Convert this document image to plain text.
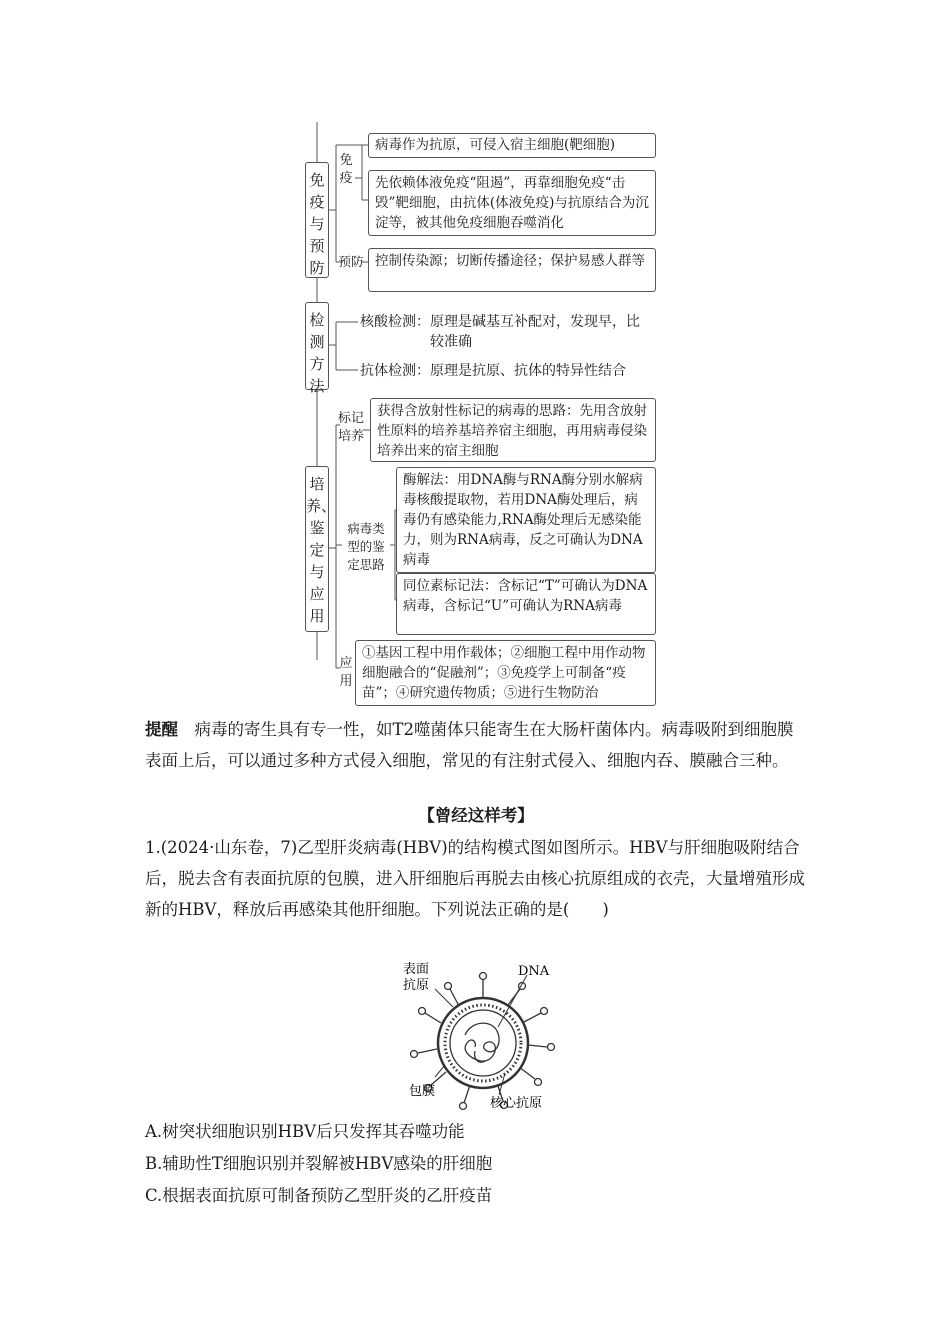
免疫与预防
免疫
病毒作为抗原，可侵入宿主细胞(靶细胞)
先依赖体液免疫“阻遏”，再靠细胞免疫“击毁”靶细胞，由抗体(体液免疫)与抗原结合为沉淀等，被其他免疫细胞吞噬消化
预防 控制传染源；切断传播途径；保护易感人群等
检测方法
核酸检测： 原理是碱基互补配对，发现早，比较准确
抗体检测： 原理是抗原、抗体的特异性结合
培养、鉴定与应用
标记培养
获得含放射性标记的病毒的思路：先用含放射性原料的培养基培养宿主细胞，再用病毒侵染培养出来的宿主细胞
病毒类型的鉴定思路
酶解法：用DNA酶与RNA酶分别水解病毒核酸提取物，若用DNA酶处理后，病毒仍有感染能力,RNA酶处理后无感染能力，则为RNA病毒，反之可确认为DNA病毒
同位素标记法：含标记“T”可确认为DNA病毒，含标记“U”可确认为RNA病毒
应用
①基因工程中用作载体；②细胞工程中用作动物细胞融合的“促融剂”；③免疫学上可制备“疫苗”；④研究遗传物质；⑤进行生物防治
提醒　 病毒的寄生具有专一性，如T2噬菌体只能寄生在大肠杆菌体内。病毒吸附到细胞膜表面上后，可以通过多种方式侵入细胞，常见的有注射式侵入、细胞内吞、膜融合三种。
【曾经这样考】
1.(2024·山东卷，7)乙型肝炎病毒(HBV)的结构模式图如图所示。HBV与肝细胞吸附结合后，脱去含有表面抗原的包膜，进入肝细胞后再脱去由核心抗原组成的衣壳，大量增殖形成新的HBV，释放后再感染其他肝细胞。下列说法正确的是(　　)
表面
抗原
DNA
包膜
核心抗原
A.树突状细胞识别HBV后只发挥其吞噬功能
B.辅助性T细胞识别并裂解被HBV感染的肝细胞
C.根据表面抗原可制备预防乙型肝炎的乙肝疫苗
